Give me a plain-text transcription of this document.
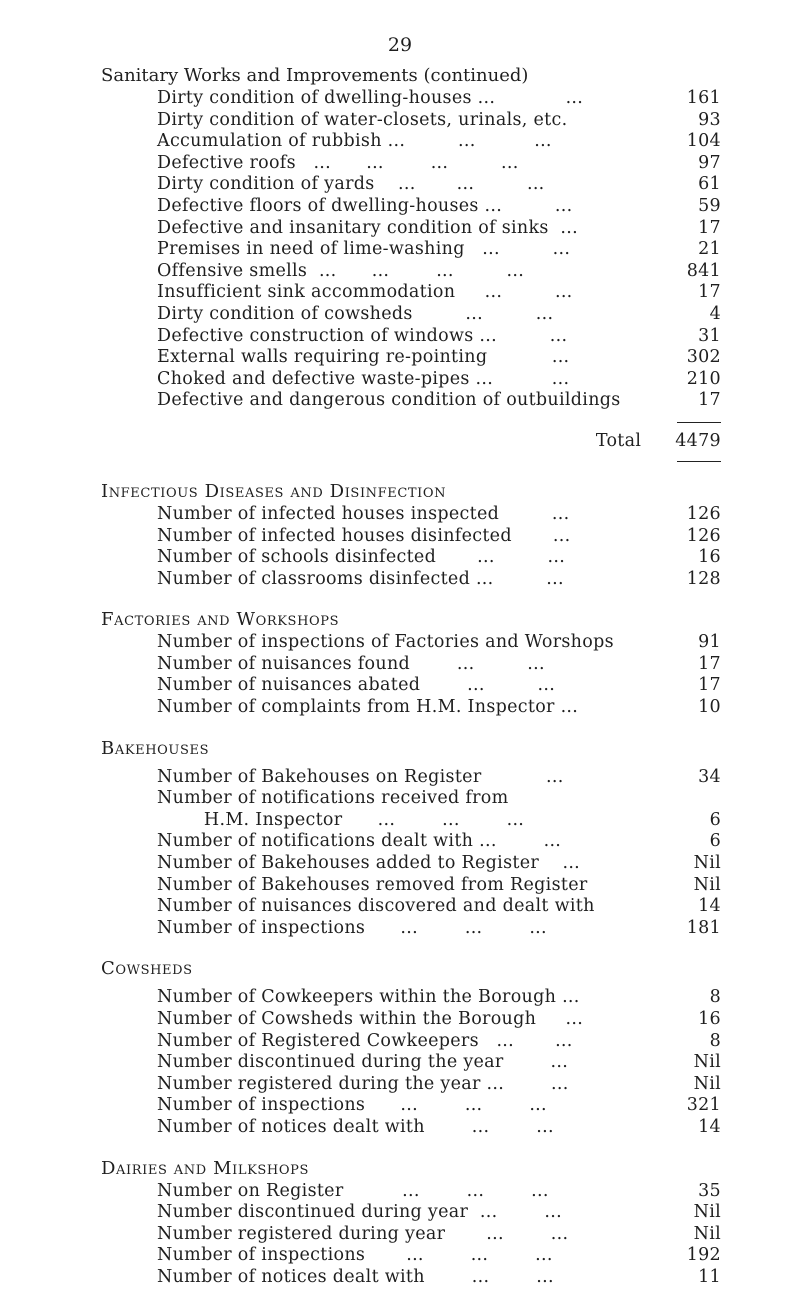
29
Sanitary Works and Improvements (continued)
Dirty condition of dwelling-houses ...            ...	161
Dirty condition of water-closets, urinals, etc.	93
Accumulation of rubbish ...         ...          ...	104
Defective roofs   ...      ...        ...         ...	97
Dirty condition of yards    ...       ...         ...	61
Defective floors of dwelling-houses ...         ...	59
Defective and insanitary condition of sinks  ...	17
Premises in need of lime-washing   ...         ...	21
Offensive smells  ...      ...        ...         ...	841
Insufficient sink accommodation     ...         ...	17
Dirty condition of cowsheds         ...         ...	4
Defective construction of windows ...         ...	31
External walls requiring re-pointing           ...	302
Choked and defective waste-pipes ...          ...	210
Defective and dangerous condition of outbuildings	17
Total 4479
Infectious Diseases and Disinfection
Number of infected houses inspected         ...	126
Number of infected houses disinfected       ...	126
Number of schools disinfected       ...         ...	16
Number of classrooms disinfected ...         ...	128
Factories and Workshops
Number of inspections of Factories and Worshops	91
Number of nuisances found        ...         ...	17
Number of nuisances abated        ...         ...	17
Number of complaints from H.M. Inspector ...	10
Bakehouses
Number of Bakehouses on Register           ...	34
Number of notifications received from
H.M. Inspector      ...        ...        ...	6
Number of notifications dealt with ...        ...	6
Number of Bakehouses added to Register    ...	Nil
Number of Bakehouses removed from Register	Nil
Number of nuisances discovered and dealt with	14
Number of inspections      ...        ...        ...	181
Cowsheds
Number of Cowkeepers within the Borough ...	8
Number of Cowsheds within the Borough     ...	16
Number of Registered Cowkeepers   ...       ...	8
Number discontinued during the year        ...	Nil
Number registered during the year ...        ...	Nil
Number of inspections      ...        ...        ...	321
Number of notices dealt with        ...        ...	14
Dairies and Milkshops
Number on Register          ...        ...        ...	35
Number discontinued during year  ...        ...	Nil
Number registered during year       ...        ...	Nil
Number of inspections       ...        ...        ...	192
Number of notices dealt with        ...        ...	11
